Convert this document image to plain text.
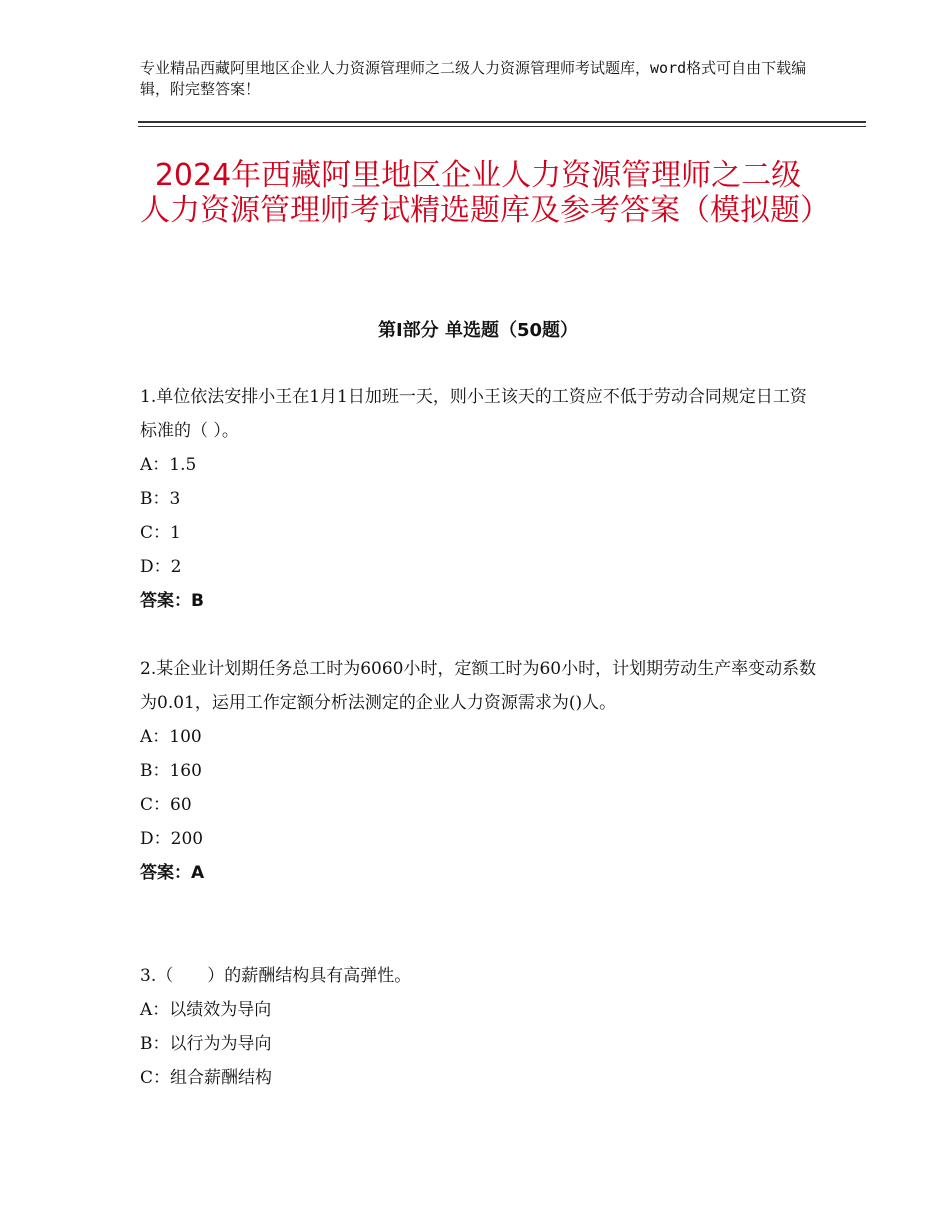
专业精品西藏阿里地区企业人力资源管理师之二级人力资源管理师考试题库，word格式可自由下载编辑，附完整答案！
2024年西藏阿里地区企业人力资源管理师之二级人力资源管理师考试精选题库及参考答案（模拟题）
第Ⅰ部分 单选题（50题）

1.单位依法安排小王在1月1日加班一天，则小王该天的工资应不低于劳动合同规定日工资标准的（ ）。

A：1.5

B：3

C：1

D：2

答案：B

2.某企业计划期任务总工时为6060小时，定额工时为60小时，计划期劳动生产率变动系数为0.01，运用工作定额分析法测定的企业人力资源需求为()人。

A：100

B：160

C：60

D：200

答案：A

3.（　　）的薪酬结构具有高弹性。

A：以绩效为导向

B：以行为为导向

C：组合薪酬结构
